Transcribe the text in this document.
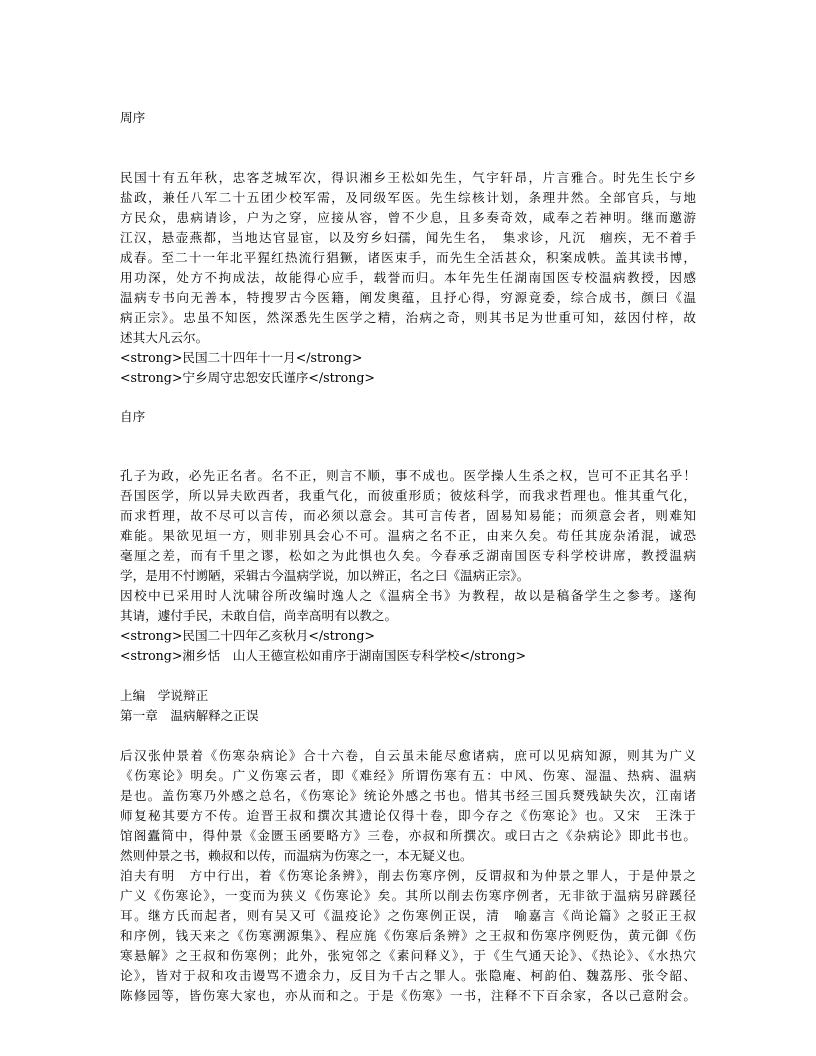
周序
民国十有五年秋，忠客芝城军次，得识湘乡王松如先生，气宇轩昂，片言雅合。时先生长宁乡
盐政，兼任八军二十五团少校军需，及同级军医。先生综核计划，条理井然。全部官兵，与地
方民众，患病请诊，户为之穿，应接从容，曾不少息，且多奏奇效，咸奉之若神明。继而邀游
江汉，悬壶燕都，当地达官显宦，以及穷乡妇孺，闻先生名，　集求诊，凡沉　痼疾，无不着手
成春。至二十一年北平猩红热流行猖獗，诸医束手，而先生全活甚众，积案成帙。盖其读书博，
用功深，处方不拘成法，故能得心应手，载誉而归。本年先生任湖南国医专校温病教授，因感
温病专书向无善本，特搜罗古今医籍，阐发奥蕴，且抒心得，穷源竟委，综合成书，颜曰《温
病正宗》。忠虽不知医，然深悉先生医学之精，治病之奇，则其书足为世重可知，兹因付梓，故
述其大凡云尔。
<strong>民国二十四年十一月</strong>
<strong>宁乡周守忠恕安氏谨序</strong>
自序
孔子为政，必先正名者。名不正，则言不顺，事不成也。医学操人生杀之权，岂可不正其名乎！
吾国医学，所以异夫欧西者，我重气化，而彼重形质；彼炫科学，而我求哲理也。惟其重气化，
而求哲理，故不尽可以言传，而必须以意会。其可言传者，固易知易能；而须意会者，则难知
难能。果欲见垣一方，则非别具会心不可。温病之名不正，由来久矣。苟任其庞杂淆混，诚恐
毫厘之差，而有千里之谬，松如之为此惧也久矣。今春承乏湖南国医专科学校讲席，教授温病
学，是用不忖谫陋，采辑古今温病学说，加以辨正，名之曰《温病正宗》。
因校中已采用时人沈啸谷所改编时逸人之《温病全书》为教程，故以是稿备学生之参考。遂徇
其请，遽付手民，未敢自信，尚幸高明有以教之。
<strong>民国二十四年乙亥秋月</strong>
<strong>湘乡恬　山人王德宣松如甫序于湖南国医专科学校</strong>
上编　学说辩正
第一章　温病解释之正误
后汉张仲景着《伤寒杂病论》合十六卷，自云虽未能尽愈诸病，庶可以见病知源，则其为广义
《伤寒论》明矣。广义伤寒云者，即《难经》所谓伤寒有五：中风、伤寒、湿温、热病、温病
是也。盖伤寒乃外感之总名，《伤寒论》统论外感之书也。惜其书经三国兵燹残缺失次，江南诸
师复秘其要方不传。迨晋王叔和撰次其遗论仅得十卷，即今存之《伤寒论》也。又宋　王洙于
馆阁蠹简中，得仲景《金匮玉函要略方》三卷，亦叔和所撰次。或曰古之《杂病论》即此书也。
然则仲景之书，赖叔和以传，而温病为伤寒之一，本无疑义也。
洎夫有明　方中行出，着《伤寒论条辨》，削去伤寒序例，反谓叔和为仲景之罪人，于是仲景之
广义《伤寒论》，一变而为狭义《伤寒论》矣。其所以削去伤寒序例者，无非欲于温病另辟蹊径
耳。继方氏而起者，则有吴又可《温疫论》之伤寒例正误，清　喻嘉言《尚论篇》之驳正王叔
和序例，钱天来之《伤寒溯源集》、程应旄《伤寒后条辨》之王叔和伤寒序例贬伪，黄元御《伤
寒悬解》之王叔和伤寒例；此外，张宛邻之《素问释义》，于《生气通天论》、《热论》、《水热穴
论》，皆对于叔和攻击谩骂不遗余力，反目为千古之罪人。张隐庵、柯韵伯、魏荔彤、张令韶、
陈修园等，皆伤寒大家也，亦从而和之。于是《伤寒》一书，注释不下百余家，各以己意附会。
